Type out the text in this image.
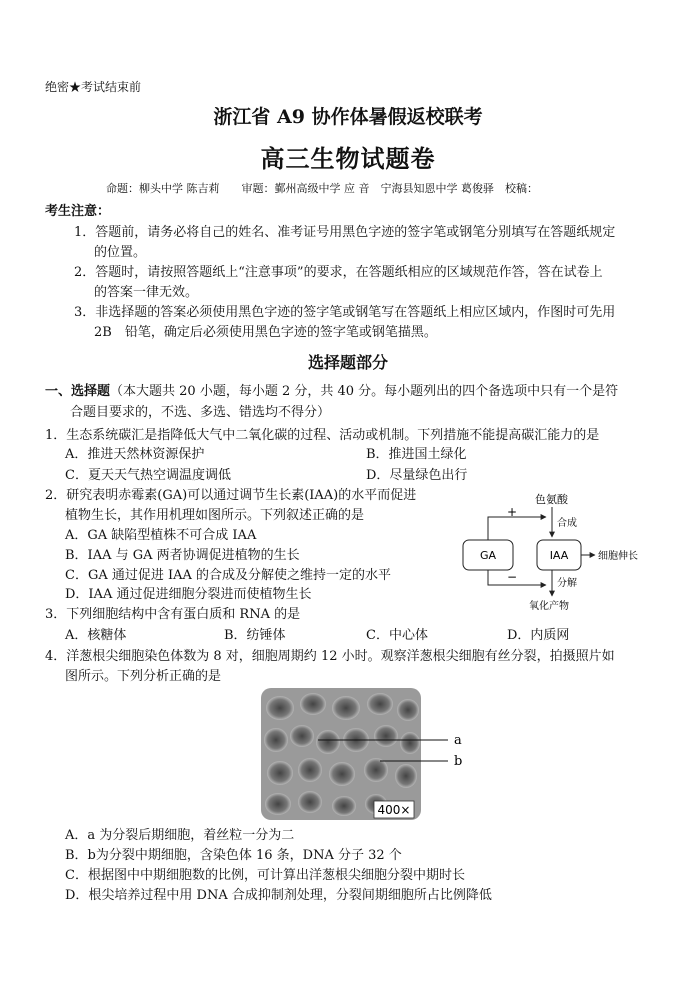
绝密★考试结束前
浙江省 A9 协作体暑假返校联考
高三生物试题卷
命题：柳头中学 陈吉莉　　审题：鄞州高级中学 应 音　宁海县知恩中学 葛俊驿　校稿：
考生注意：
1．答题前，请务必将自己的姓名、准考证号用黑色字迹的签字笔或钢笔分别填写在答题纸规定
的位置。
2．答题时，请按照答题纸上“注意事项”的要求，在答题纸相应的区域规范作答，答在试卷上
的答案一律无效。
3．非选择题的答案必须使用黑色字迹的签字笔或钢笔写在答题纸上相应区域内，作图时可先用
2B　铅笔，确定后必须使用黑色字迹的签字笔或钢笔描黑。
选择题部分
一、选择题（本大题共 20 小题，每小题 2 分，共 40 分。每小题列出的四个备选项中只有一个是符
合题目要求的，不选、多选、错选均不得分）
1．生态系统碳汇是指降低大气中二氧化碳的过程、活动或机制。下列措施不能提高碳汇能力的是
A．推进天然林资源保护	B．推进国土绿化
C．夏天天气热空调温度调低	D．尽量绿色出行
2．研究表明赤霉素(GA)可以通过调节生长素(IAA)的水平而促进
植物生长，其作用机理如图所示。下列叙述正确的是
A．GA 缺陷型植株不可合成 IAA
B．IAA 与 GA 两者协调促进植物的生长
C．GA 通过促进 IAA 的合成及分解使之维持一定的水平
D．IAA 通过促进细胞分裂进而使植物生长
色氨酸
合成
+
GA	IAA	细胞伸长
−	分解
氧化产物
3．下列细胞结构中含有蛋白质和 RNA 的是
A．核糖体	B．纺锤体	C．中心体	D．内质网
4．洋葱根尖细胞染色体数为 8 对，细胞周期约 12 小时。观察洋葱根尖细胞有丝分裂，拍摄照片如
图所示。下列分析正确的是
a
b
400×
A．a 为分裂后期细胞，着丝粒一分为二
B．b为分裂中期细胞，含染色体 16 条，DNA 分子 32 个
C．根据图中中期细胞数的比例，可计算出洋葱根尖细胞分裂中期时长
D．根尖培养过程中用 DNA 合成抑制剂处理，分裂间期细胞所占比例降低
